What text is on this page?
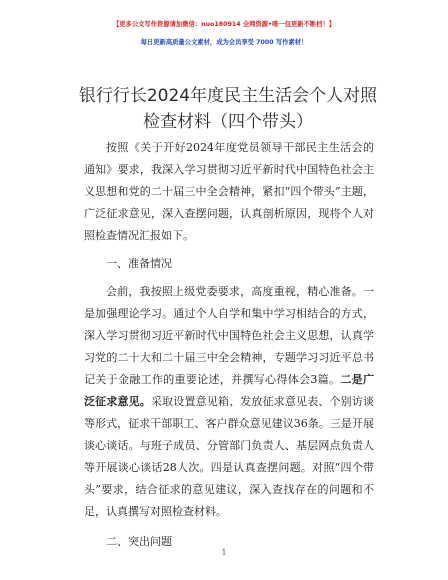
【更多公文写作资源请加微信：nuo180914 全网资源•唯一包更新不断档！】
每日更新高质量公文素材，成为会员享受 7000 写作素材！
银行行长2024年度民主生活会个人对照检查材料（四个带头）

按照《关于开好2024年度党员领导干部民主生活会的通知》要求，我深入学习贯彻习近平新时代中国特色社会主义思想和党的二十届三中全会精神，紧扣“四个带头”主题，广泛征求意见，深入查摆问题，认真剖析原因，现将个人对照检查情况汇报如下。

一、准备情况

会前，我按照上级党委要求，高度重视，精心准备。一是加强理论学习。通过个人自学和集中学习相结合的方式，深入学习贯彻习近平新时代中国特色社会主义思想，认真学习党的二十大和二十届三中全会精神，专题学习习近平总书记关于金融工作的重要论述，并撰写心得体会3篇。二是广泛征求意见。采取设置意见箱、发放征求意见表、个别访谈等形式，征求干部职工、客户群众意见建议36条。三是开展谈心谈话。与班子成员、分管部门负责人、基层网点负责人等开展谈心谈话28人次。四是认真查摆问题。对照“四个带头”要求，结合征求的意见建议，深入查找存在的问题和不足，认真撰写对照检查材料。

二、突出问题

1
